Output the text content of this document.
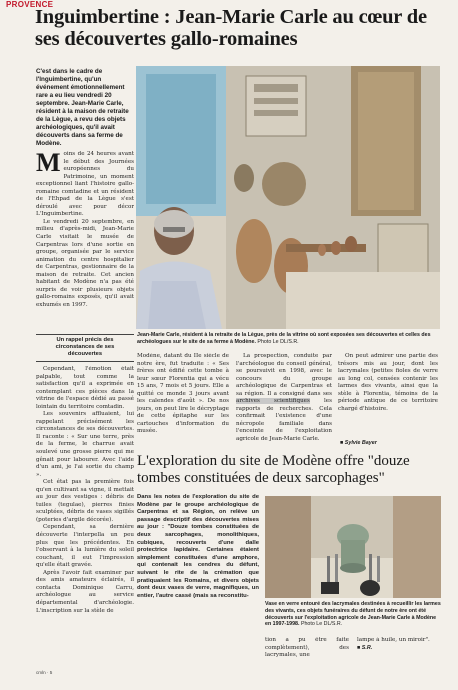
PROVENCE
Inguimbertine : Jean-Marie Carle au cœur de ses découvertes gallo-romaines
C'est dans le cadre de l'Inguimbertine, qu'un événement émotionnellement rare a eu lieu vendredi 20 septembre. Jean-Marie Carle, résident à la maison de retraite de la Lègue, a revu des objets archéologiques, qu'il avait découverts dans sa ferme de Modène.
M oins de 24 heures avant le début des Journées européennes du Patrimoine, un moment exceptionnel liant l'histoire gallo-romaine comtadine et un résident de l'Ehpad de la Lègue s'est déroulé avec pour décor L'Inguimbertine.

Le vendredi 20 septembre, en milieu d'après-midi, Jean-Marie Carle visitait le musée de Carpentras lors d'une sortie en groupe, organisée par le service animation du centre hospitalier de Carpentras, gestionnaire de la maison de retraite. Cet ancien habitant de Modène n'a pas été surpris de voir plusieurs objets gallo-romains exposés, qu'il avait exhumés en 1997.

Un rappel précis des circonstances de ses découvertes

Cependant, l'émotion était palpable, tout comme la satisfaction qu'il a exprimée en contemplant ces pièces dans la vitrine de l'espace dédié au passé lointain du territoire comtadin.

Les souvenirs affluaient, lui rappelant précisément les circonstances de ses découvertes. Il raconte : « Sur une terre, près de la ferme, le charrue avait soulevé une grosse pierre qui me gênait pour labourer. Avec l'aide d'un ami, je l'ai sortie du champ ».

Cet état pas la première fois qu'en cultivant sa vigne, il mettait au jour des vestiges : débris de tuiles (tegulae), pierres finies sculptées, débris de vases sigillés (poteries d'argile décorée).

Cependant, sa dernière découverte l'interpella un peu plus que les précédentes. En l'observant à la lumière du soleil couchant, il eut l'impression qu'elle était gravée.

Après l'avoir fait examiner par des amis amateurs éclairés, il contacta Dominique Carru, archéologue au service départemental d'archéologie. L'inscription sur la stèle de

Jean-Marie Carle, résident à la retraite de la Lègue, près de la vitrine où sont exposées ses découvertes et celles des archéologues sur le site de sa ferme à Modène. Photo Le DL/S.R.

Modène, datant du IIe siècle de notre ère, fut traduite : « Ses frères ont édifié cette tombe à leur sœur Florentia qui a vécu 15 ans, 7 mois et 5 jours. Elle a quitté ce monde 3 jours avant les calendes d'août ». De nos jours, on peut lire le décryptage de cette épitaphe sur les cartouches d'information du musée.

La prospection, conduite par l'archéologue du conseil général, se poursuivit en 1998, avec le concours du groupe archéologique de Carpentras et sa région. Il a consigné dans ses archives scientifiques	les rapports de recherches. Cela confirmait l'existence d'une nécropole familiale dans l'enceinte de l'exploitation agricole de Jean-Marie Carle.

On peut admirer une partie des trésors mis au jour, dont les lacrymales (petites fioles de verre au long col, censées contenir les larmes des vivants, ainsi que la stèle à Florentia, témoins de la période antique de ce territoire chargé d'histoire.

■ Sylvie Bayer
L'exploration du site de Modène offre "douze tombes constituées de deux sarcophages"

Dans les notes de l'exploration du site de Modène par le groupe archéologique de Carpentras et sa Région, on relève un passage descriptif des découvertes mises au jour : "Douze tombes constituées de deux sarcophages, monolithiques, cubiques, recouverts d'une dalle protectrice lapidaire. Certaines étaient simplement constituées d'une amphore, qui contenait les cendres du défunt, suivant le rite de la crémation que pratiquaient les Romains, et divers objets dont deux vases de verre, magnifiques, un entier, l'autre cassé (mais sa reconstitu-

Vase en verre entouré des lacrymales destinées à recueillir les larmes des vivants, ces objets funéraires du défunt de notre ère ont été découverts sur l'exploitation agricole de Jean-Marie Carle à Modène en 1997-1998. Photo Le DL/S.R.

tion a pu être faite complètement), des lacrymales, une

lampe à huile, un miroir".

■ S.R.

cmln · 5
